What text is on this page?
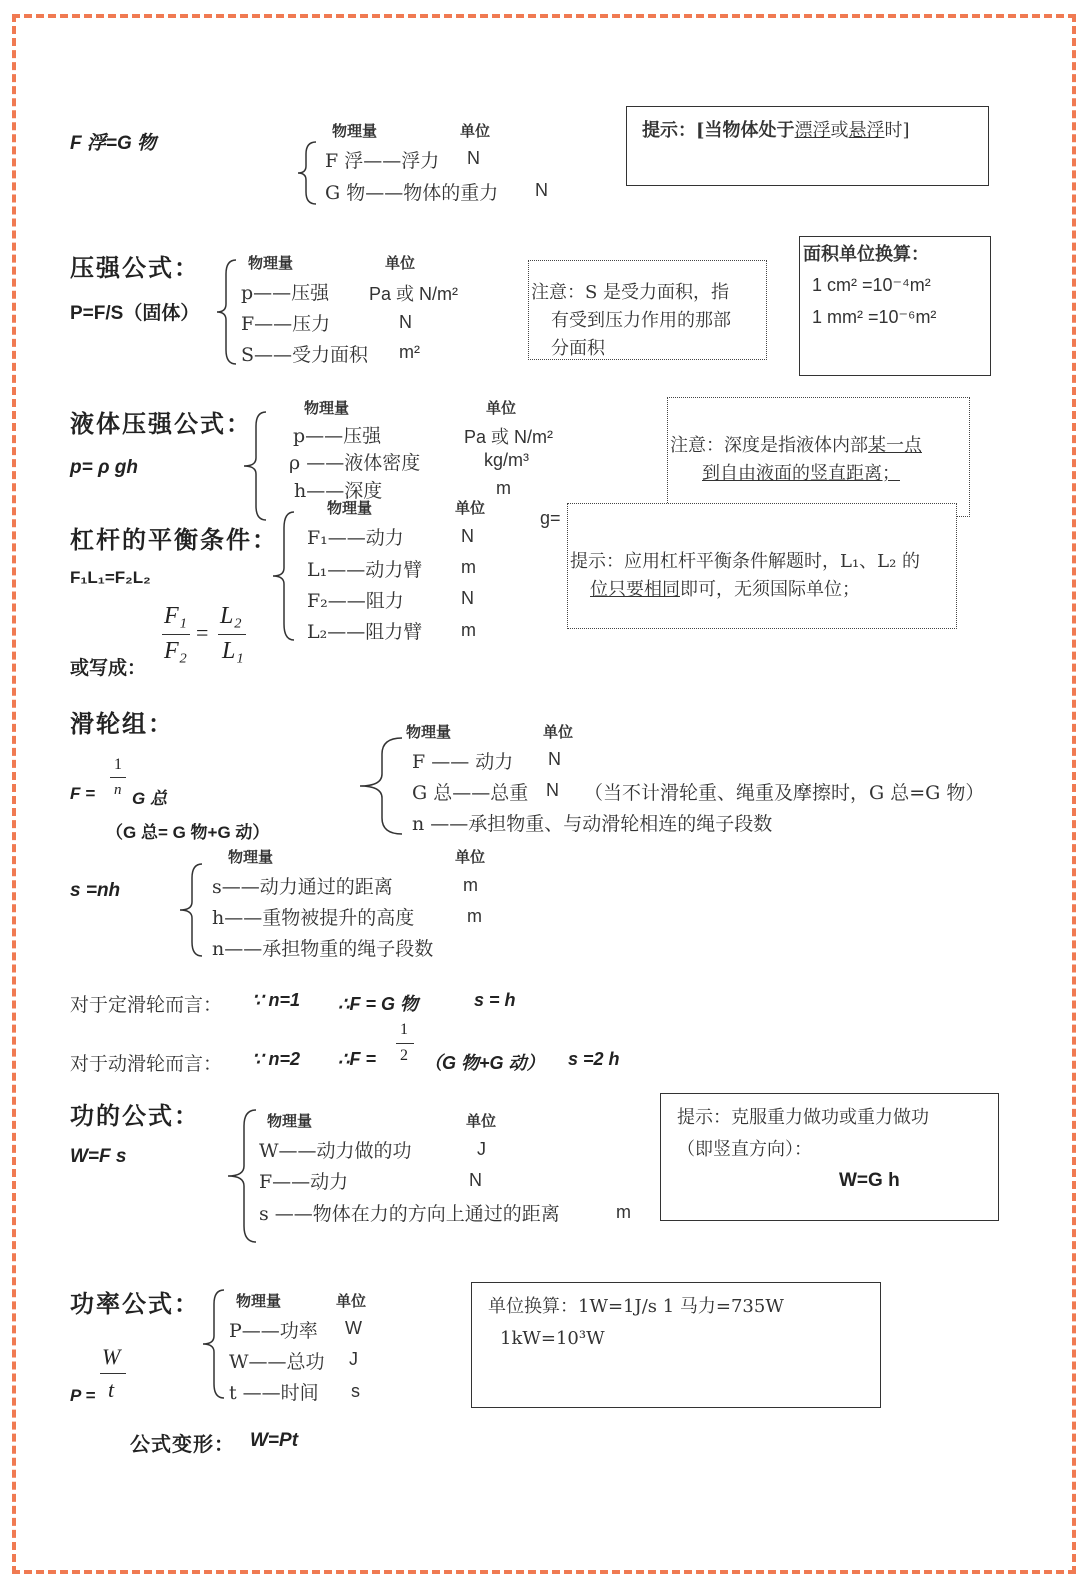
F 浮=G 物
物理量	单位
F 浮——浮力 N
G 物——物体的重力 N
提示：[当物体处于漂浮或悬浮时]
压强公式：
P=F/S（固体）
物理量	单位
p——压强 Pa 或 N/m²
F——压力	N
S——受力面积 m²
注意：S 是受力面积，指
有受到压力作用的那部
分面积
面积单位换算：
1 cm² =10⁻⁴m²
1 mm² =10⁻⁶m²
液体压强公式：
p= ρ gh
物理量	单位
p——压强	Pa 或 N/m²
ρ ——液体密度	kg/m³
h——深度	m
注意：深度是指液体内部某一点
到自由液面的竖直距离；
g=
杠杆的平衡条件：
F₁L₁=F₂L₂
或写成：
F₁
F₂
=
L₂
L₁
物理量	单位
F₁——动力	N
L₁——动力臂 m
F₂——阻力	N
L₂——阻力臂 m
提示：应用杠杆平衡条件解题时，L₁、L₂ 的
位只要相同即可，无须国际单位；
滑轮组：
F =
1
n G 总
（G 总= G 物+G 动）
物理量	单位
F —— 动力 N
G 总——总重 N （当不计滑轮重、绳重及摩擦时，G 总=G 物）
n ——承担物重、与动滑轮相连的绳子段数
s =nh
物理量	单位
s——动力通过的距离	m
h——重物被提升的高度	m
n——承担物重的绳子段数
对于定滑轮而言： ∵ n=1 ∴F = G 物	s = h
对于动滑轮而言： ∵ n=2 ∴F =
1
2 （G 物+G 动） s =2 h
功的公式：
W=F s
物理量	单位
W——动力做的功	J
F——动力	N
s ——物体在力的方向上通过的距离	m
提示：克服重力做功或重力做功
（即竖直方向）：
W=G h
功率公式：
P =
W
t
物理量	单位
P——功率 W
W——总功 J
t ——时间 s
单位换算：1W=1J/s 1 马力=735W
1kW=10³W
公式变形： W=Pt
